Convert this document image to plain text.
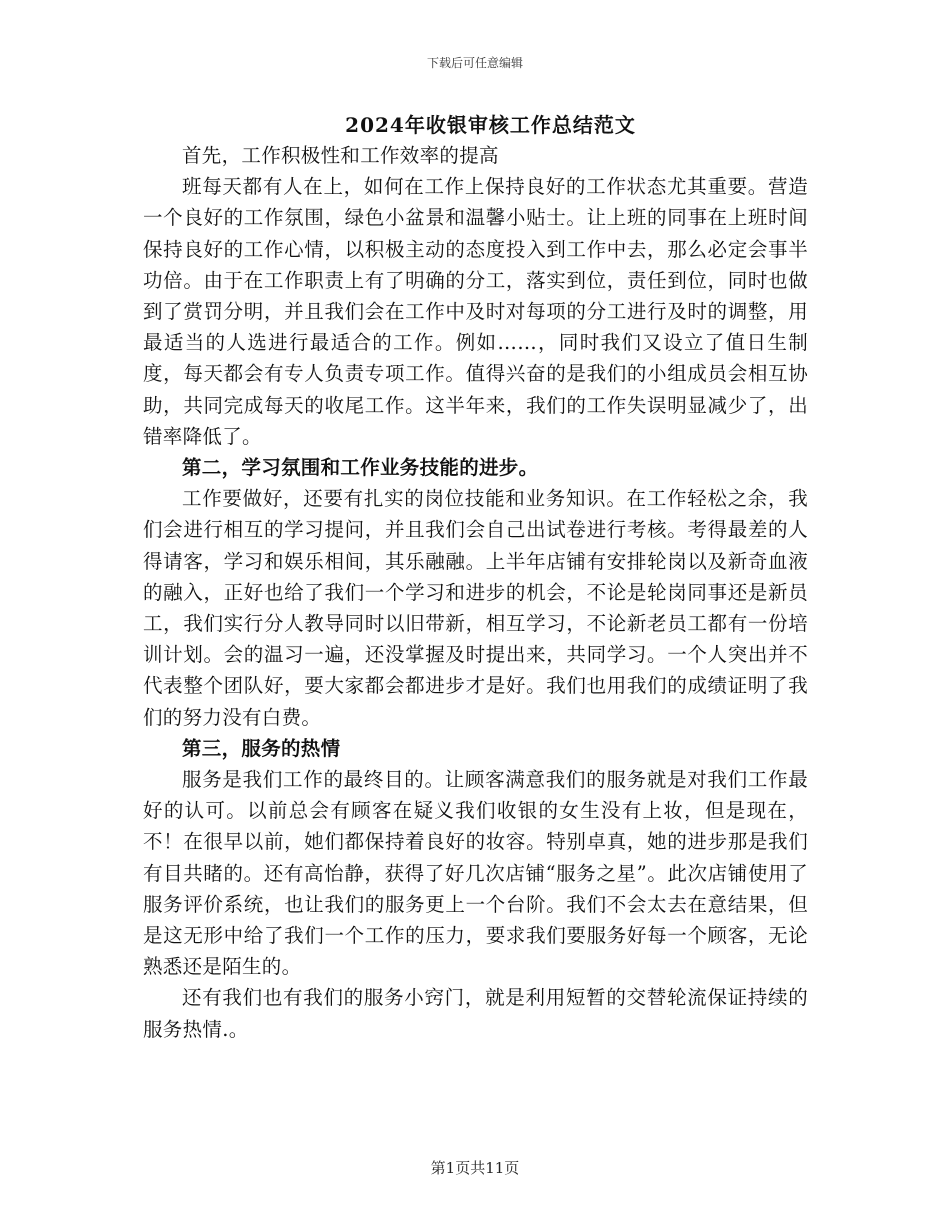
下载后可任意编辑
2024年收银审核工作总结范文

首先，工作积极性和工作效率的提高

班每天都有人在上，如何在工作上保持良好的工作状态尤其重要。营造一个良好的工作氛围，绿色小盆景和温馨小贴士。让上班的同事在上班时间保持良好的工作心情，以积极主动的态度投入到工作中去，那么必定会事半功倍。由于在工作职责上有了明确的分工，落实到位，责任到位，同时也做到了赏罚分明，并且我们会在工作中及时对每项的分工进行及时的调整，用最适当的人选进行最适合的工作。例如……，同时我们又设立了值日生制度，每天都会有专人负责专项工作。值得兴奋的是我们的小组成员会相互协助，共同完成每天的收尾工作。这半年来，我们的工作失误明显减少了，出错率降低了。

第二，学习氛围和工作业务技能的进步。

工作要做好，还要有扎实的岗位技能和业务知识。在工作轻松之余，我们会进行相互的学习提问，并且我们会自己出试卷进行考核。考得最差的人得请客，学习和娱乐相间，其乐融融。上半年店铺有安排轮岗以及新奇血液的融入，正好也给了我们一个学习和进步的机会，不论是轮岗同事还是新员工，我们实行分人教导同时以旧带新，相互学习，不论新老员工都有一份培训计划。会的温习一遍，还没掌握及时提出来，共同学习。一个人突出并不代表整个团队好，要大家都会都进步才是好。我们也用我们的成绩证明了我们的努力没有白费。

第三，服务的热情

服务是我们工作的最终目的。让顾客满意我们的服务就是对我们工作最好的认可。以前总会有顾客在疑义我们收银的女生没有上妆，但是现在，不！在很早以前，她们都保持着良好的妆容。特别卓真，她的进步那是我们有目共睹的。还有高怡静，获得了好几次店铺“服务之星”。此次店铺使用了服务评价系统，也让我们的服务更上一个台阶。我们不会太去在意结果，但是这无形中给了我们一个工作的压力，要求我们要服务好每一个顾客，无论熟悉还是陌生的。

还有我们也有我们的服务小窍门，就是利用短暂的交替轮流保证持续的服务热情.。

第1页共11页
